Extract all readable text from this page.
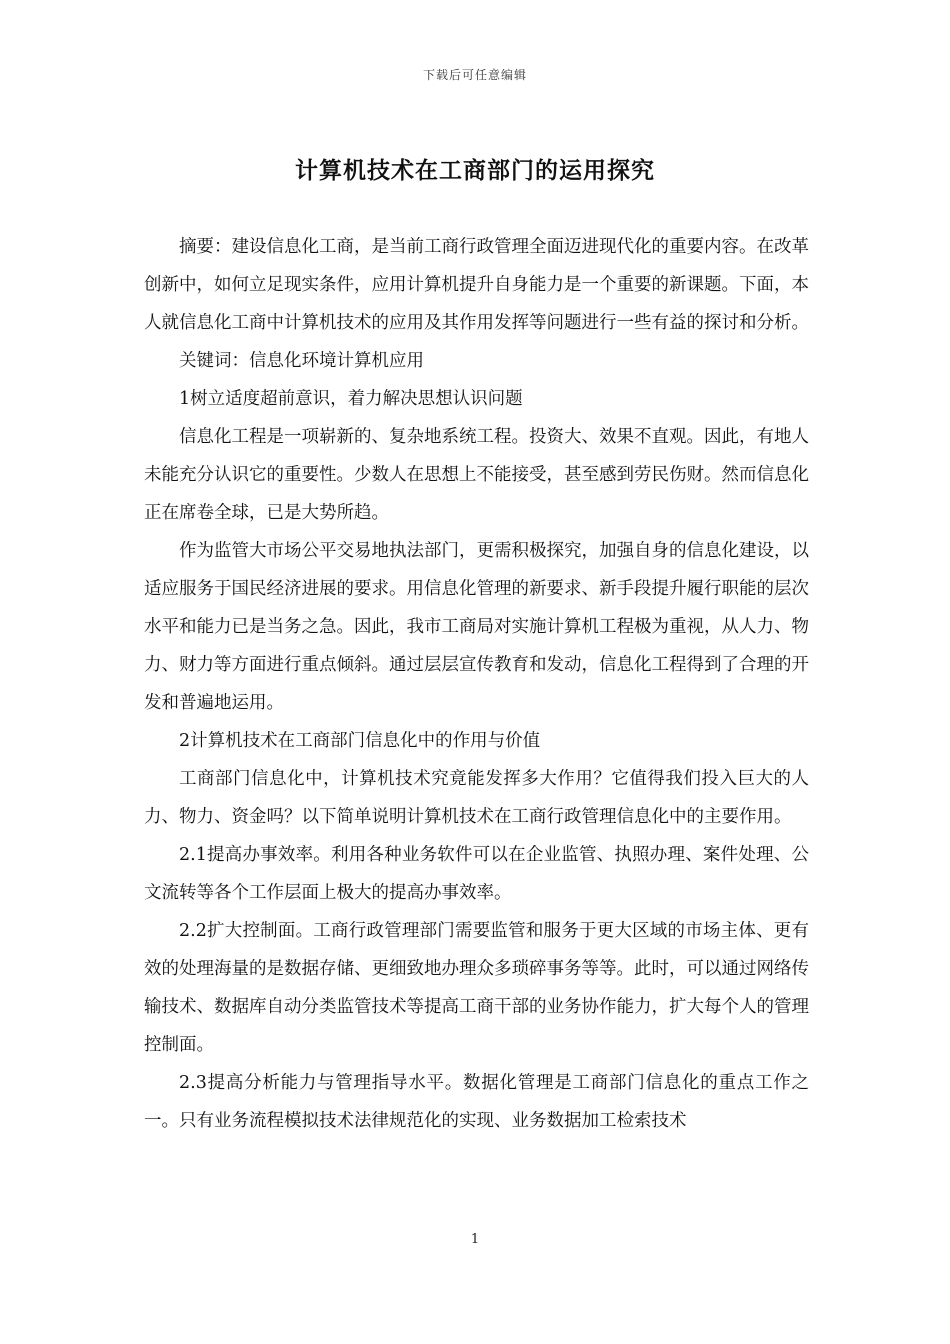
下载后可任意编辑
计算机技术在工商部门的运用探究

摘要：建设信息化工商，是当前工商行政管理全面迈进现代化的重要内容。在改革创新中，如何立足现实条件，应用计算机提升自身能力是一个重要的新课题。下面，本人就信息化工商中计算机技术的应用及其作用发挥等问题进行一些有益的探讨和分析。

关键词：信息化环境计算机应用

1树立适度超前意识，着力解决思想认识问题

信息化工程是一项崭新的、复杂地系统工程。投资大、效果不直观。因此，有地人未能充分认识它的重要性。少数人在思想上不能接受，甚至感到劳民伤财。然而信息化正在席卷全球，已是大势所趋。

作为监管大市场公平交易地执法部门，更需积极探究，加强自身的信息化建设，以适应服务于国民经济进展的要求。用信息化管理的新要求、新手段提升履行职能的层次水平和能力已是当务之急。因此，我市工商局对实施计算机工程极为重视，从人力、物力、财力等方面进行重点倾斜。通过层层宣传教育和发动，信息化工程得到了合理的开发和普遍地运用。

2计算机技术在工商部门信息化中的作用与价值

工商部门信息化中，计算机技术究竟能发挥多大作用？它值得我们投入巨大的人力、物力、资金吗？以下简单说明计算机技术在工商行政管理信息化中的主要作用。

2.1提高办事效率。利用各种业务软件可以在企业监管、执照办理、案件处理、公文流转等各个工作层面上极大的提高办事效率。

2.2扩大控制面。工商行政管理部门需要监管和服务于更大区域的市场主体、更有效的处理海量的是数据存储、更细致地办理众多琐碎事务等等。此时，可以通过网络传输技术、数据库自动分类监管技术等提高工商干部的业务协作能力，扩大每个人的管理控制面。

2.3提高分析能力与管理指导水平。数据化管理是工商部门信息化的重点工作之一。只有业务流程模拟技术法律规范化的实现、业务数据加工检索技术

1
